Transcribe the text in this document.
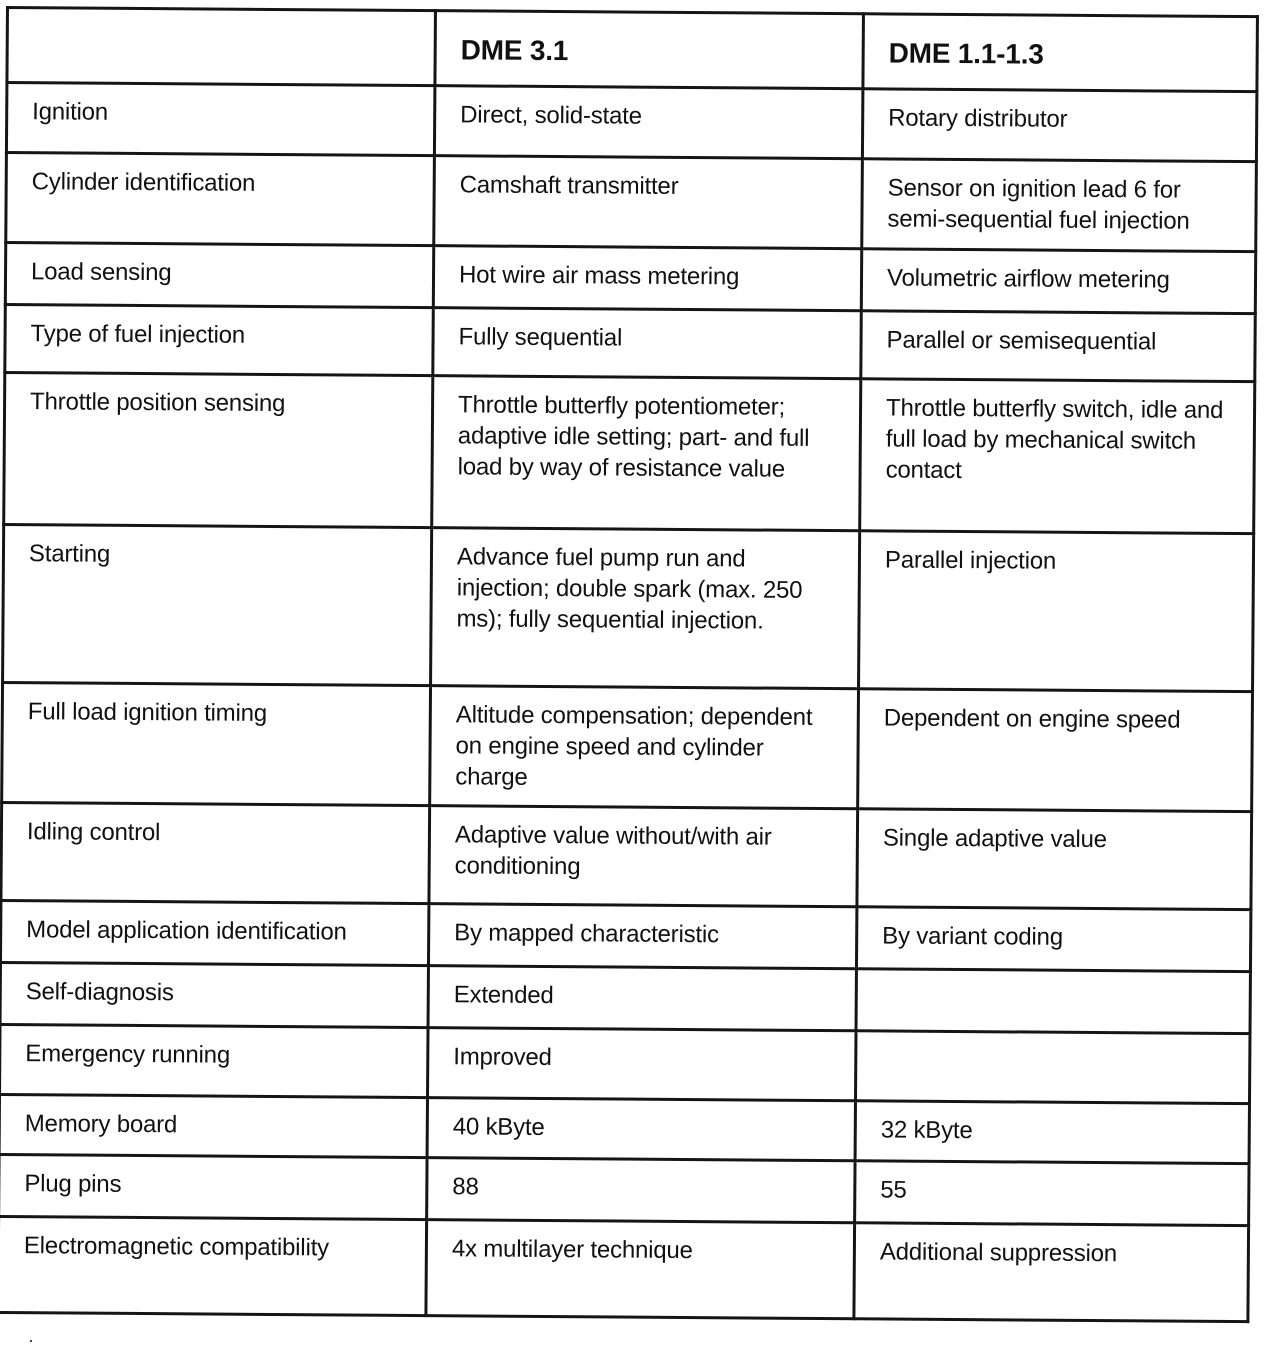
	DME 3.1	DME 1.1-1.3
Ignition	Direct, solid-state	Rotary distributor
Cylinder identification	Camshaft transmitter	Sensor on ignition lead 6 for semi-sequential fuel injection
Load sensing	Hot wire air mass metering	Volumetric airflow metering
Type of fuel injection	Fully sequential	Parallel or semisequential
Throttle position sensing	Throttle butterfly potentiometer; adaptive idle setting; part- and full load by way of resistance value	Throttle butterfly switch, idle and full load by mechanical switch contact
Starting	Advance fuel pump run and injection; double spark (max. 250 ms); fully sequential injection.	Parallel injection
Full load ignition timing	Altitude compensation; dependent on engine speed and cylinder charge	Dependent on engine speed
Idling control	Adaptive value without/with air conditioning	Single adaptive value
Model application identification	By mapped characteristic	By variant coding
Self-diagnosis	Extended	
Emergency running	Improved	
Memory board	40 kByte	32 kByte
Plug pins	88	55
Electromagnetic compatibility	4x multilayer technique	Additional suppression
